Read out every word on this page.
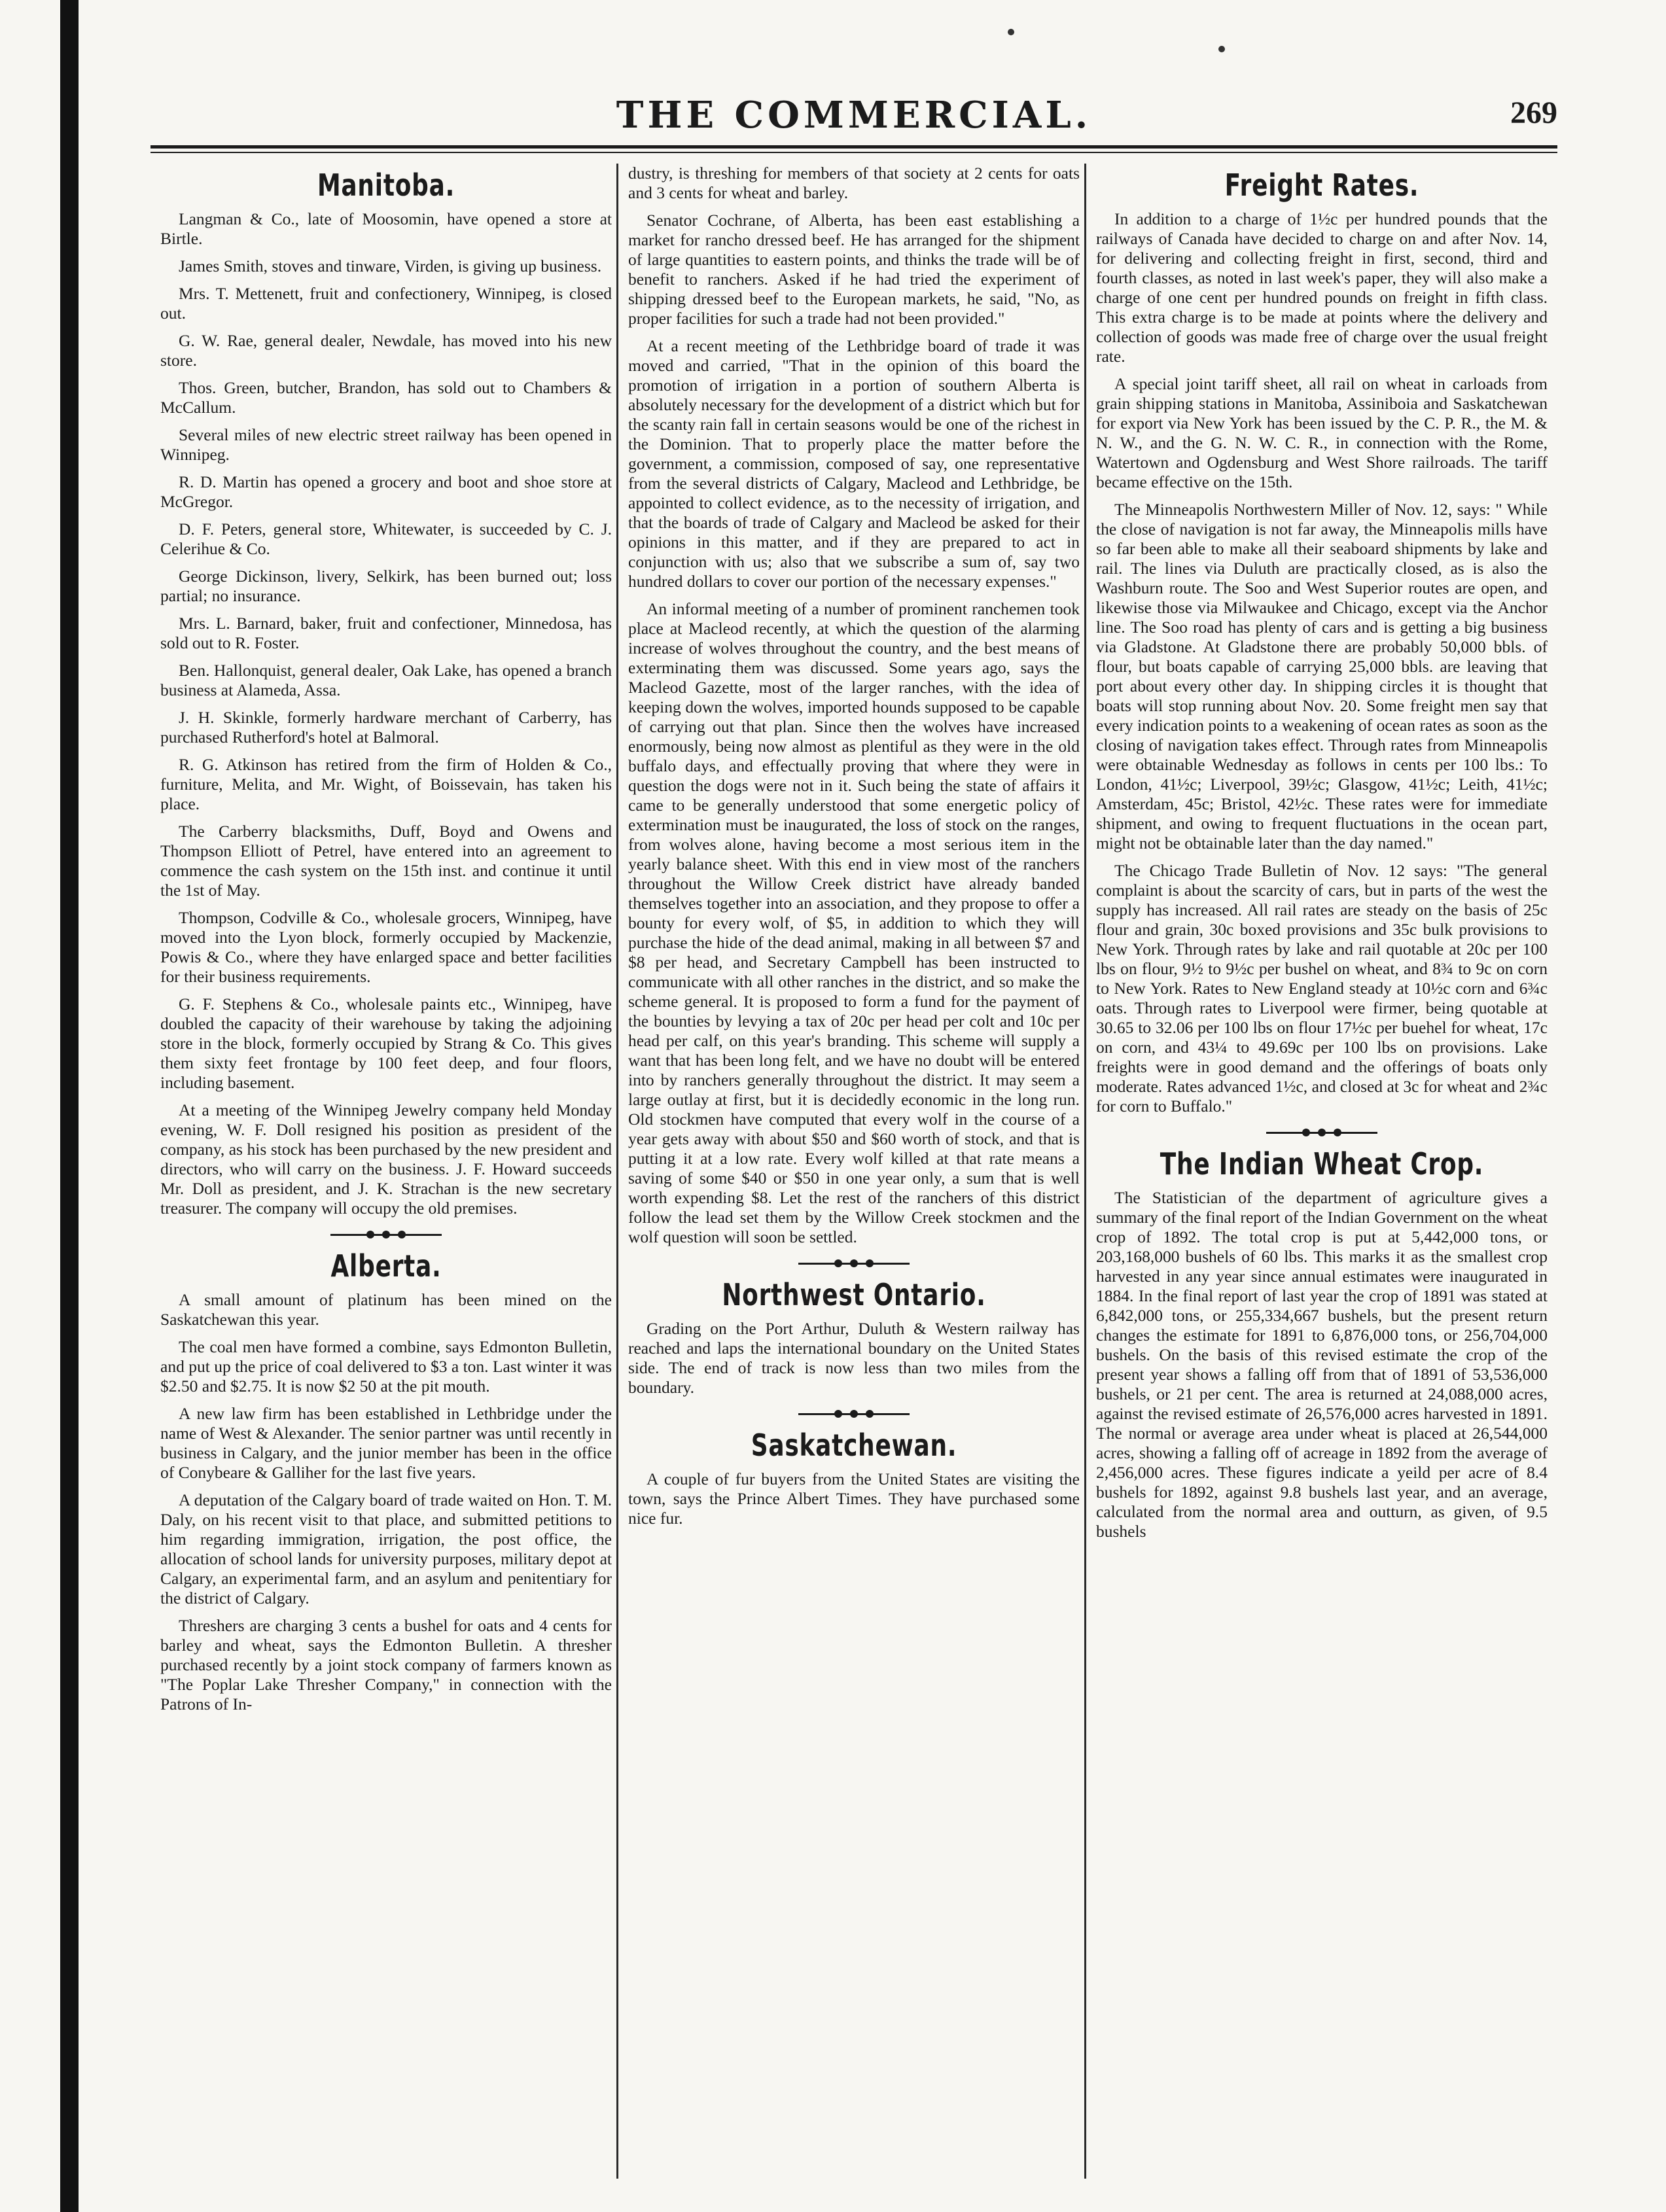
THE COMMERCIAL.	269
Manitoba.

Langman & Co., late of Moosomin, have opened a store at Birtle.

James Smith, stoves and tinware, Virden, is giving up business.

Mrs. T. Mettenett, fruit and confectionery, Winnipeg, is closed out.

G. W. Rae, general dealer, Newdale, has moved into his new store.

Thos. Green, butcher, Brandon, has sold out to Chambers & McCallum.

Several miles of new electric street railway has been opened in Winnipeg.

R. D. Martin has opened a grocery and boot and shoe store at McGregor.

D. F. Peters, general store, Whitewater, is succeeded by C. J. Celerihue & Co.

George Dickinson, livery, Selkirk, has been burned out; loss partial; no insurance.

Mrs. L. Barnard, baker, fruit and confectioner, Minnedosa, has sold out to R. Foster.

Ben. Hallonquist, general dealer, Oak Lake, has opened a branch business at Alameda, Assa.

J. H. Skinkle, formerly hardware merchant of Carberry, has purchased Rutherford's hotel at Balmoral.

R. G. Atkinson has retired from the firm of Holden & Co., furniture, Melita, and Mr. Wight, of Boissevain, has taken his place.

The Carberry blacksmiths, Duff, Boyd and Owens and Thompson Elliott of Petrel, have entered into an agreement to commence the cash system on the 15th inst. and continue it until the 1st of May.

Thompson, Codville & Co., wholesale grocers, Winnipeg, have moved into the Lyon block, formerly occupied by Mackenzie, Powis & Co., where they have enlarged space and better facilities for their business requirements.

G. F. Stephens & Co., wholesale paints etc., Winnipeg, have doubled the capacity of their warehouse by taking the adjoining store in the block, formerly occupied by Strang & Co. This gives them sixty feet frontage by 100 feet deep, and four floors, including basement.

At a meeting of the Winnipeg Jewelry company held Monday evening, W. F. Doll resigned his position as president of the company, as his stock has been purchased by the new president and directors, who will carry on the business. J. F. Howard succeeds Mr. Doll as president, and J. K. Strachan is the new secretary treasurer. The company will occupy the old premises.

Alberta.

A small amount of platinum has been mined on the Saskatchewan this year.

The coal men have formed a combine, says Edmonton Bulletin, and put up the price of coal delivered to $3 a ton. Last winter it was $2.50 and $2.75. It is now $2 50 at the pit mouth.

A new law firm has been established in Lethbridge under the name of West & Alexander. The senior partner was until recently in business in Calgary, and the junior member has been in the office of Conybeare & Galliher for the last five years.

A deputation of the Calgary board of trade waited on Hon. T. M. Daly, on his recent visit to that place, and submitted petitions to him regarding immigration, irrigation, the post office, the allocation of school lands for university purposes, military depot at Calgary, an experimental farm, and an asylum and penitentiary for the district of Calgary.

Threshers are charging 3 cents a bushel for oats and 4 cents for barley and wheat, says the Edmonton Bulletin. A thresher purchased recently by a joint stock company of farmers known as "The Poplar Lake Thresher Company," in connection with the Patrons of In-

dustry, is threshing for members of that society at 2 cents for oats and 3 cents for wheat and barley.

Senator Cochrane, of Alberta, has been east establishing a market for rancho dressed beef. He has arranged for the shipment of large quantities to eastern points, and thinks the trade will be of benefit to ranchers. Asked if he had tried the experiment of shipping dressed beef to the European markets, he said, "No, as proper facilities for such a trade had not been provided."

At a recent meeting of the Lethbridge board of trade it was moved and carried, "That in the opinion of this board the promotion of irrigation in a portion of southern Alberta is absolutely necessary for the development of a district which but for the scanty rain fall in certain seasons would be one of the richest in the Dominion. That to properly place the matter before the government, a commission, composed of say, one representative from the several districts of Calgary, Macleod and Lethbridge, be appointed to collect evidence, as to the necessity of irrigation, and that the boards of trade of Calgary and Macleod be asked for their opinions in this matter, and if they are prepared to act in conjunction with us; also that we subscribe a sum of, say two hundred dollars to cover our portion of the necessary expenses."

An informal meeting of a number of prominent ranchemen took place at Macleod recently, at which the question of the alarming increase of wolves throughout the country, and the best means of exterminating them was discussed. Some years ago, says the Macleod Gazette, most of the larger ranches, with the idea of keeping down the wolves, imported hounds supposed to be capable of carrying out that plan. Since then the wolves have increased enormously, being now almost as plentiful as they were in the old buffalo days, and effectually proving that where they were in question the dogs were not in it. Such being the state of affairs it came to be generally understood that some energetic policy of extermination must be inaugurated, the loss of stock on the ranges, from wolves alone, having become a most serious item in the yearly balance sheet. With this end in view most of the ranchers throughout the Willow Creek district have already banded themselves together into an association, and they propose to offer a bounty for every wolf, of $5, in addition to which they will purchase the hide of the dead animal, making in all between $7 and $8 per head, and Secretary Campbell has been instructed to communicate with all other ranches in the district, and so make the scheme general. It is proposed to form a fund for the payment of the bounties by levying a tax of 20c per head per colt and 10c per head per calf, on this year's branding. This scheme will supply a want that has been long felt, and we have no doubt will be entered into by ranchers generally throughout the district. It may seem a large outlay at first, but it is decidedly economic in the long run. Old stockmen have computed that every wolf in the course of a year gets away with about $50 and $60 worth of stock, and that is putting it at a low rate. Every wolf killed at that rate means a saving of some $40 or $50 in one year only, a sum that is well worth expending $8. Let the rest of the ranchers of this district follow the lead set them by the Willow Creek stockmen and the wolf question will soon be settled.

Northwest Ontario.

Grading on the Port Arthur, Duluth & Western railway has reached and laps the international boundary on the United States side. The end of track is now less than two miles from the boundary.

Saskatchewan.

A couple of fur buyers from the United States are visiting the town, says the Prince Albert Times. They have purchased some nice fur.

Freight Rates.

In addition to a charge of 1½c per hundred pounds that the railways of Canada have decided to charge on and after Nov. 14, for delivering and collecting freight in first, second, third and fourth classes, as noted in last week's paper, they will also make a charge of one cent per hundred pounds on freight in fifth class. This extra charge is to be made at points where the delivery and collection of goods was made free of charge over the usual freight rate.

A special joint tariff sheet, all rail on wheat in carloads from grain shipping stations in Manitoba, Assiniboia and Saskatchewan for export via New York has been issued by the C. P. R., the M. & N. W., and the G. N. W. C. R., in connection with the Rome, Watertown and Ogdensburg and West Shore railroads. The tariff became effective on the 15th.

The Minneapolis Northwestern Miller of Nov. 12, says: " While the close of navigation is not far away, the Minneapolis mills have so far been able to make all their seaboard shipments by lake and rail. The lines via Duluth are practically closed, as is also the Washburn route. The Soo and West Superior routes are open, and likewise those via Milwaukee and Chicago, except via the Anchor line. The Soo road has plenty of cars and is getting a big business via Gladstone. At Gladstone there are probably 50,000 bbls. of flour, but boats capable of carrying 25,000 bbls. are leaving that port about every other day. In shipping circles it is thought that boats will stop running about Nov. 20. Some freight men say that every indication points to a weakening of ocean rates as soon as the closing of navigation takes effect. Through rates from Minneapolis were obtainable Wednesday as follows in cents per 100 lbs.: To London, 41½c; Liverpool, 39½c; Glasgow, 41½c; Leith, 41½c; Amsterdam, 45c; Bristol, 42½c. These rates were for immediate shipment, and owing to frequent fluctuations in the ocean part, might not be obtainable later than the day named."

The Chicago Trade Bulletin of Nov. 12 says: "The general complaint is about the scarcity of cars, but in parts of the west the supply has increased. All rail rates are steady on the basis of 25c flour and grain, 30c boxed provisions and 35c bulk provisions to New York. Through rates by lake and rail quotable at 20c per 100 lbs on flour, 9½ to 9½c per bushel on wheat, and 8¾ to 9c on corn to New York. Rates to New England steady at 10½c corn and 6¾c oats. Through rates to Liverpool were firmer, being quotable at 30.65 to 32.06 per 100 lbs on flour 17½c per buehel for wheat, 17c on corn, and 43¼ to 49.69c per 100 lbs on provisions. Lake freights were in good demand and the offerings of boats only moderate. Rates advanced 1½c, and closed at 3c for wheat and 2¾c for corn to Buffalo."

The Indian Wheat Crop.

The Statistician of the department of agriculture gives a summary of the final report of the Indian Government on the wheat crop of 1892. The total crop is put at 5,442,000 tons, or 203,168,000 bushels of 60 lbs. This marks it as the smallest crop harvested in any year since annual estimates were inaugurated in 1884. In the final report of last year the crop of 1891 was stated at 6,842,000 tons, or 255,334,667 bushels, but the present return changes the estimate for 1891 to 6,876,000 tons, or 256,704,000 bushels. On the basis of this revised estimate the crop of the present year shows a falling off from that of 1891 of 53,536,000 bushels, or 21 per cent. The area is returned at 24,088,000 acres, against the revised estimate of 26,576,000 acres harvested in 1891. The normal or average area under wheat is placed at 26,544,000 acres, showing a falling off of acreage in 1892 from the average of 2,456,000 acres. These figures indicate a yeild per acre of 8.4 bushels for 1892, against 9.8 bushels last year, and an average, calculated from the normal area and outturn, as given, of 9.5 bushels
